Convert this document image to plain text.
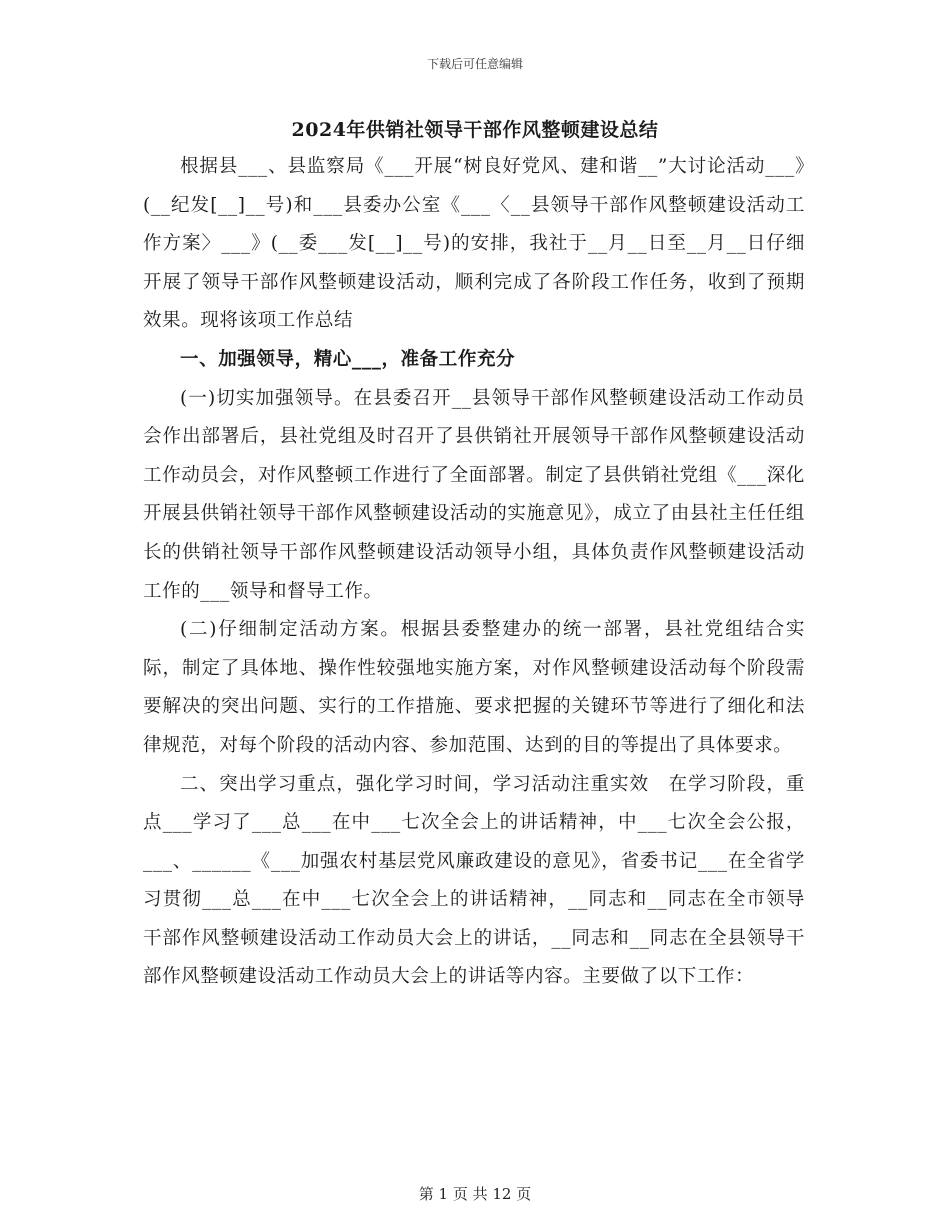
下载后可任意编辑
2024年供销社领导干部作风整顿建设总结

根据县___、县监察局《___开展“树良好党风、建和谐__”大讨论活动___》(__纪发[__]__号)和___县委办公室《___〈__县领导干部作风整顿建设活动工作方案〉___》(__委___发[__]__号)的安排，我社于__月__日至__月__日仔细开展了领导干部作风整顿建设活动，顺利完成了各阶段工作任务，收到了预期效果。现将该项工作总结

一、加强领导，精心___，准备工作充分

(一)切实加强领导。在县委召开__县领导干部作风整顿建设活动工作动员会作出部署后，县社党组及时召开了县供销社开展领导干部作风整顿建设活动工作动员会，对作风整顿工作进行了全面部署。制定了县供销社党组《___深化开展县供销社领导干部作风整顿建设活动的实施意见》，成立了由县社主任任组长的供销社领导干部作风整顿建设活动领导小组，具体负责作风整顿建设活动工作的___领导和督导工作。

(二)仔细制定活动方案。根据县委整建办的统一部署，县社党组结合实际，制定了具体地、操作性较强地实施方案，对作风整顿建设活动每个阶段需要解决的突出问题、实行的工作措施、要求把握的关键环节等进行了细化和法律规范，对每个阶段的活动内容、参加范围、达到的目的等提出了具体要求。

二、突出学习重点，强化学习时间，学习活动注重实效　在学习阶段，重点___学习了___总___在中___七次全会上的讲话精神，中___七次全会公报，___、______《___加强农村基层党风廉政建设的意见》，省委书记___在全省学习贯彻___总___在中___七次全会上的讲话精神，__同志和__同志在全市领导干部作风整顿建设活动工作动员大会上的讲话，__同志和__同志在全县领导干部作风整顿建设活动工作动员大会上的讲话等内容。主要做了以下工作：

第 1 页 共 12 页
